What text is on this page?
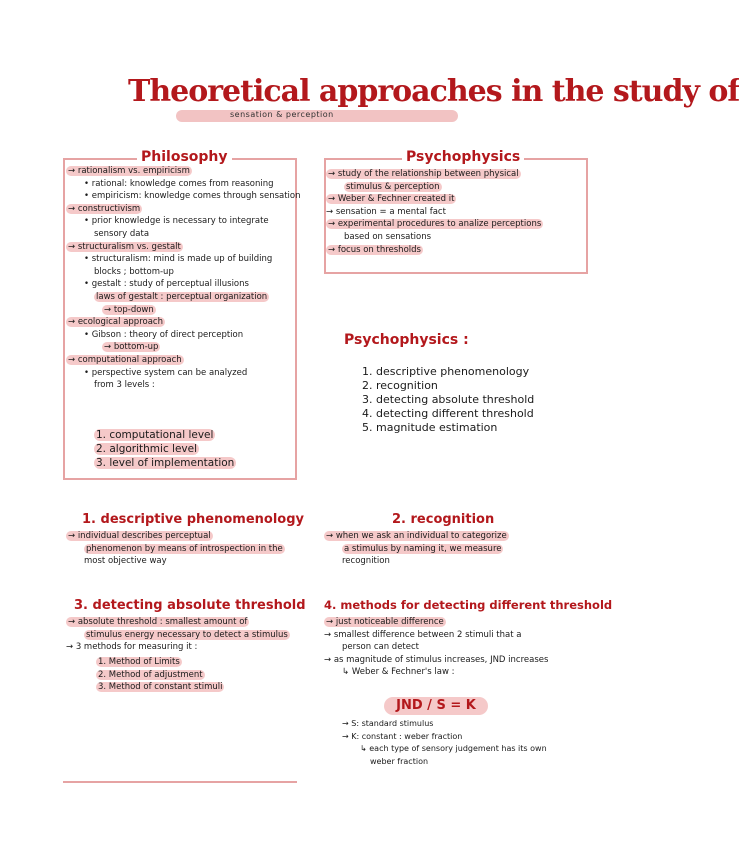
Theoretical approaches in the study of
sensation & perception
Philosophy
→ rationalism vs. empiricism
• rational: knowledge comes from reasoning
• empiricism: knowledge comes through sensation
→ constructivism
• prior knowledge is necessary to integrate
sensory data
→ structuralism vs. gestalt
• structuralism: mind is made up of building
blocks ; bottom-up
• gestalt : study of perceptual illusions
laws of gestalt : perceptual organization
→ top-down
→ ecological approach
• Gibson : theory of direct perception
→ bottom-up
→ computational approach
• perspective system can be analyzed
from 3 levels :
1. computational level
2. algorithmic level
3. level of implementation
Psychophysics
→ study of the relationship between physical
stimulus & perception
→ Weber & Fechner created it
→ sensation = a mental fact
→ experimental procedures to analize perceptions
based on sensations
→ focus on thresholds
Psychophysics :
1. descriptive phenomenology
2. recognition
3. detecting absolute threshold
4. detecting different threshold
5. magnitude estimation
1. descriptive phenomenology
→ individual describes perceptual
phenomenon by means of introspection in the
most objective way
2. recognition
→ when we ask an individual to categorize
a stimulus by naming it, we measure
recognition
3. detecting absolute threshold
→ absolute threshold : smallest amount of
stimulus energy necessary to detect a stimulus
→ 3 methods for measuring it :
1. Method of Limits
2. Method of adjustment
3. Method of constant stimuli
4. methods for detecting different threshold
→ just noticeable difference
→ smallest difference between 2 stimuli that a
person can detect
→ as magnitude of stimulus increases, JND increases
↳ Weber & Fechner's law :
JND / S = K
→ S: standard stimulus
→ K: constant : weber fraction
↳ each type of sensory judgement has its own
weber fraction
